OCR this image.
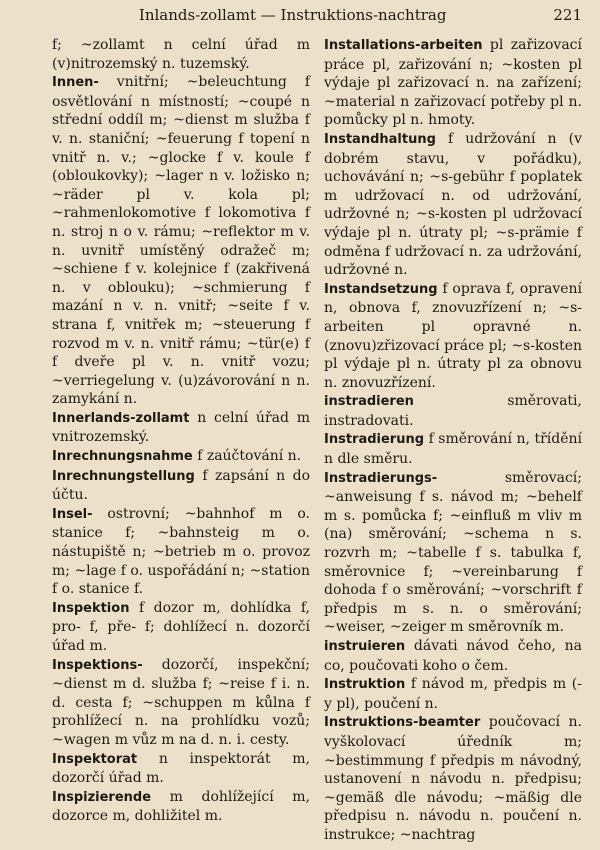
Inlands-zollamt — Instruktions-nachtrag	221
f; ~zollamt n celní úřad m (v)nitrozemský n. tuzemský.
Innen- vnitřní; ~beleuchtung f osvětlování n místností; ~coupé n střední oddíl m; ~dienst m služba f v. n. staniční; ~feuerung f topení n vnitř n. v.; ~glocke f v. koule f (obloukovky); ~lager n v. ložisko n; ~räder pl v. kola pl; ~rahmenlokomotive f lokomotiva f n. stroj n o v. rámu; ~reflektor m v. n. uvnitř umístěný odražeč m; ~schiene f v. kolejnice f (zakřivená n. v oblouku); ~schmierung f mazání n v. n. vnitř; ~seite f v. strana f, vnitřek m; ~steuerung f rozvod m v. n. vnitř rámu; ~tür(e) f f dveře pl v. n. vnitř vozu; ~verriegelung v. (u)závorování n n. zamykání n.
Innerlands-zollamt n celní úřad m vnitrozemský.
Inrechnungsnahme f zaúčtování n.
Inrechnungstellung f zapsání n do účtu.
Insel- ostrovní; ~bahnhof m o. stanice f; ~bahnsteig m o. nástupiště n; ~betrieb m o. provoz m; ~lage f o. uspořádání n; ~station f o. stanice f.
Inspektion f dozor m, dohlídka f, pro- f, pře- f; dohlížecí n. dozorčí úřad m.
Inspektions- dozorčí, inspekční; ~dienst m d. služba f; ~reise f i. n. d. cesta f; ~schuppen m kůlna f prohlížecí n. na prohlídku vozů; ~wagen m vůz m na d. n. i. cesty.
Inspektorat n inspektorát m, dozorčí úřad m.
Inspizierende m dohlížející m, dozorce m, dohližitel m.
Installations-arbeiten pl zařizovací práce pl, zařizování n; ~kosten pl výdaje pl zařizovací n. na zařízení; ~material n zařizovací potřeby pl n. pomůcky pl n. hmoty.
Instandhaltung f udržování n (v dobrém stavu, v pořádku), uchovávání n; ~s-gebühr f poplatek m udržovací n. od udržování, udržovné n; ~s-kosten pl udržovací výdaje pl n. útraty pl; ~s-prämie f odměna f udržovací n. za udržování, udržovné n.
Instandsetzung f oprava f, opravení n, obnova f, znovuzřízení n; ~s-arbeiten pl opravné n. (znovu)zřizovací práce pl; ~s-kosten pl výdaje pl n. útraty pl za obnovu n. znovuzřízení.
instradieren	směrovati, instradovati.
Instradierung f směrování n, třídění n dle směru.
Instradierungs-	směrovací; ~anweisung f s. návod m; ~behelf m s. pomůcka f; ~einfluß m vliv m (na) směrování; ~schema n s. rozvrh m; ~tabelle f s. tabulka f, směrovnice f; ~vereinbarung f dohoda f o směrování; ~vorschrift f předpis m s. n. o směrování; ~weiser, ~zeiger m směrovník m.
instruieren dávati návod čeho, na co, poučovati koho o čem.
Instruktion f návod m, předpis m (-y pl), poučení n.
Instruktions-beamter poučovací n. vyškolovací úředník m; ~bestimmung f předpis m návodný, ustanovení n návodu n. předpisu; ~gemäß dle návodu; ~mäßig dle předpisu n. návodu n. poučení n. instrukce; ~nachtrag
